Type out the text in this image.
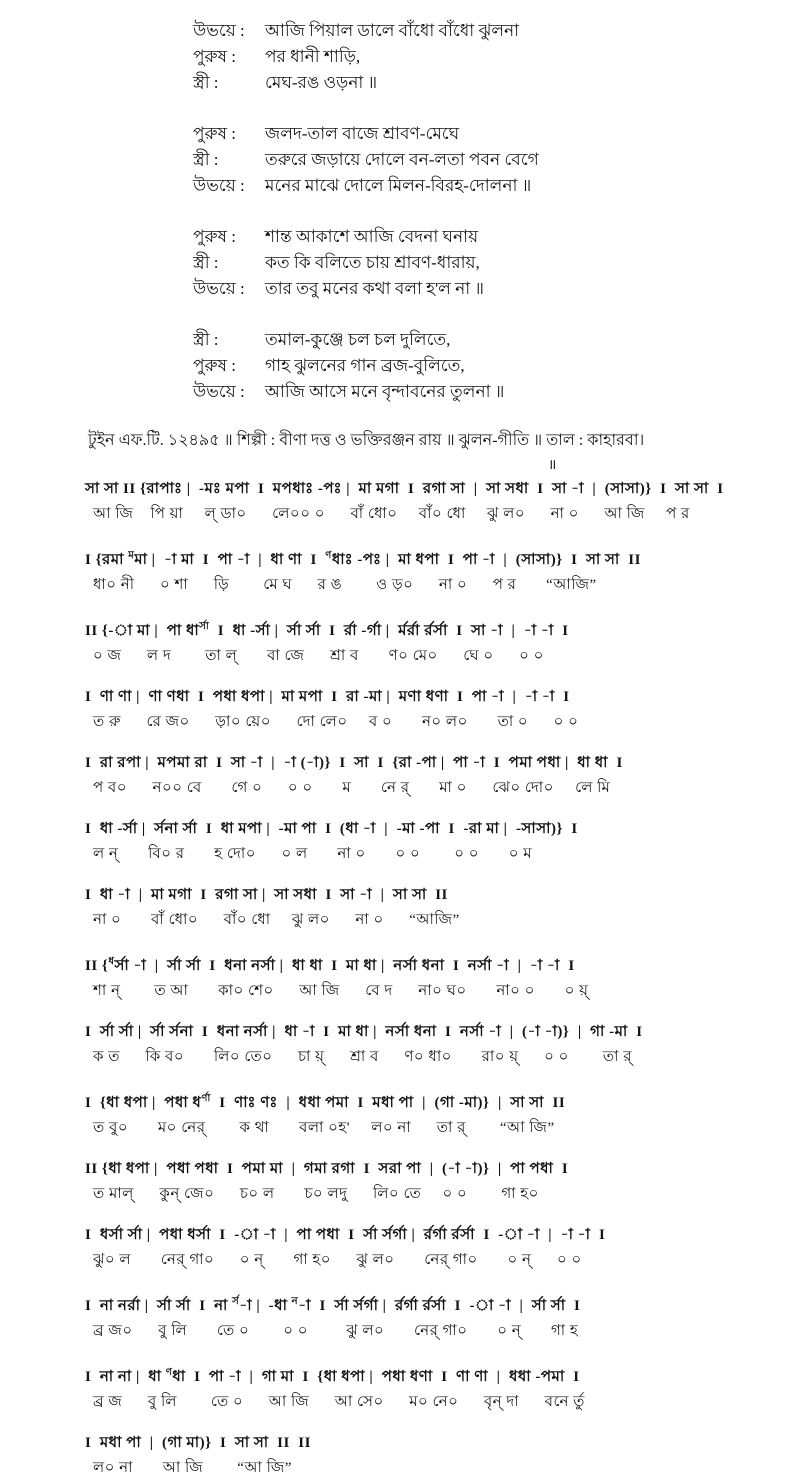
উভয়ে :	আজি পিয়াল ডালে বাঁধো বাঁধো ঝুলনা
পুরুষ :	পর ধানী শাড়ি,
স্ত্রী :	মেঘ-রঙ ওড়না ॥
পুরুষ :	জলদ-তাল বাজে শ্রাবণ-মেঘে
স্ত্রী :	তরুরে জড়ায়ে দোলে বন-লতা পবন বেগে
উভয়ে :	মনের মাঝে দোলে মিলন-বিরহ-দোলনা ॥
পুরুষ :	শান্ত আকাশে আজি বেদনা ঘনায়
স্ত্রী :	কত কি বলিতে চায় শ্রাবণ-ধারায়,
উভয়ে :	তার তবু মনের কথা বলা হ'ল না ॥
স্ত্রী :	তমাল-কুঞ্জে চল চল দুলিতে,
পুরুষ :	গাহ ঝুলনের গান ব্রজ-বুলিতে,
উভয়ে :	আজি আসে মনে বৃন্দাবনের তুলনা ॥
টুইন এফ.টি. ১২৪৯৫ ॥ শিল্পী : বীণা দত্ত ও ভক্তিরঞ্জন রায় ॥ ঝুলন-গীতি ॥ তাল : কাহারবা।
॥
সা সা II {রাপাঃ |  -মঃ মপা  I  মপধাঃ -পঃ |  মা মগা  I  রগা সা  |  সা সধা  I  সা -া  |  (সাসা)}  I  সা সা  I
আ জি    পি য়া     ল্ ডা০      লে০০ ০      বাঁ ধো০     বাঁ০ ধো     ঝু ল০      না ০      আ জি     প র
I {রমা $^ম$মা |  -া মা  I  পা -া  |  ধা ণা  I  $^ণ$ধাঃ -পঃ |  মা ধপা  I  পা -া  |  (সাসা)}  I  সা সা  II
ধা০ নী      ০ শা      ড়ি        মে ঘ      র ঙ        ও ড়০      না ০      প র       “আজি”
II {-া মা |  পা ধা$^{র্সা}$  I  ধা -র্সা |  র্সা র্সা  I  র্রা -র্গা |  র্মর্রা র্রর্সা  I  সা -া  |  -া -া  I
০ জ      ল দ        তা ল্       বা জে      শ্রা ব       ণ০ মে০      ঘে ০      ০ ০
I  ণা ণা |  ণা ণধা  I  পধা ধপা |  মা মপা  I  রা -মা |  মণা ধণা  I  পা -া  |  -া -া  I
ত রু      রে জ০      ড়া০ য়ে০      দো লে০     ব ০       ন০ ল০       তা ০      ০ ০
I  রা রপা |  মপমা রা  I  সা -া  |  -া (-া)}  I  সা  I  {রা -পা |  পা -া  I  পমা পধা |  ধা ধা  I
প ব০      ন০০ বে       গে ০      ০ ০       ম       নে র্       মা ০      ঝে০ দো০     লে মি
I  ধা -র্সা |  র্সনা র্সা  I  ধা মপা |  -মা পা  I  (ধা -া  |  -মা -পা  I  -রা মা |  -সাসা)}  I
ল ন্       বি০ র       হ দো০      ০ ল       না ০       ০ ০        ০ ০       ০ ম
I  ধা -া  |  মা মগা  I  রগা সা |  সা সধা  I  সা -া  |  সা সা  II
না ০       বাঁ ধো০      বাঁ০ ধো     ঝু ল০      না ০      “আজি”
II {$^ধ$র্সা -া  |  র্সা র্সা  I  ধনা নর্সা |  ধা ধা  I  মা ধা |  নর্সা ধনা  I  নর্সা -া  |  -া -া  I
শা ন্        ত আ       কা০ শে০      আ জি      বে দ      না০ ঘ০       না০ ০       ০ য়্
I  র্সা র্সা |  র্সা র্সনা  I  ধনা নর্সা |  ধা -া  I  মা ধা |  নর্সা ধনা  I  নর্সা -া  |  (-া -া)}  |  গা -মা  I
ক ত      কি ব০       লি০ তে০      চা য়্      শ্রা ব      ণ০ ধা০       রা০ য়্      ০ ০        তা র্
I  {ধা ধপা |  পধা ধ$^{র্ণা}$  I  ণাঃ ণঃ  |  ধধা পমা  I  মধা পা  |  (গা -মা)}  |  সা সা  II
ত বু০       ম০ নের্        ক থা       বলা ০হ'     ল০ না      তা র্        “আ জি”
II {ধা ধপা |  পধা পধা  I  পমা মা  |  গমা রগা  I  সরা পা  |  (-া -া)}  |  পা পধা  I
ত মাল্      কুন্ জে০      চ০ ল       চ০ লদু      লি০ তে     ০ ০        গা হ০
I  ধর্সা র্সা |  পধা ধর্সা  I  -া -া  |  পা পধা  I  র্সা র্সর্গা |  র্রর্গা র্রর্সা  I  -া -া  |  -া -া  I
ঝু০ ল       নের্ গা০      ০ ন্       গা হ০      ঝু ল০       নের্ গা০       ০ ন্      ০ ০
I  না নর্রা |  র্সা র্সা  I  না $^{র্স}$-া |  -ধা $^ন$-া  I  র্সা র্সর্গা |  র্রর্গা র্রর্সা  I  -া -া  |  র্সা র্সা  I
ব্র জ০      বু লি       তে ০        ০ ০         ঝু ল০       নের্ গা০       ০ ন্       গা হ
I  না না |  ধা $^ণ$ধা  I  পা -া  |  গা মা  I  {ধা ধপা |  পধা ধণা  I  ণা ণা  |  ধধা -পমা  I
ব্র জ      বু লি        তে ০      আ জি      আ সে০      ম০ নে০      বৃন্ দা      বনে র্তু
I  মধা পা  |  (গা মা)}  I  সা সা  II  II
ল০ না       আ জি        “আ জি”
